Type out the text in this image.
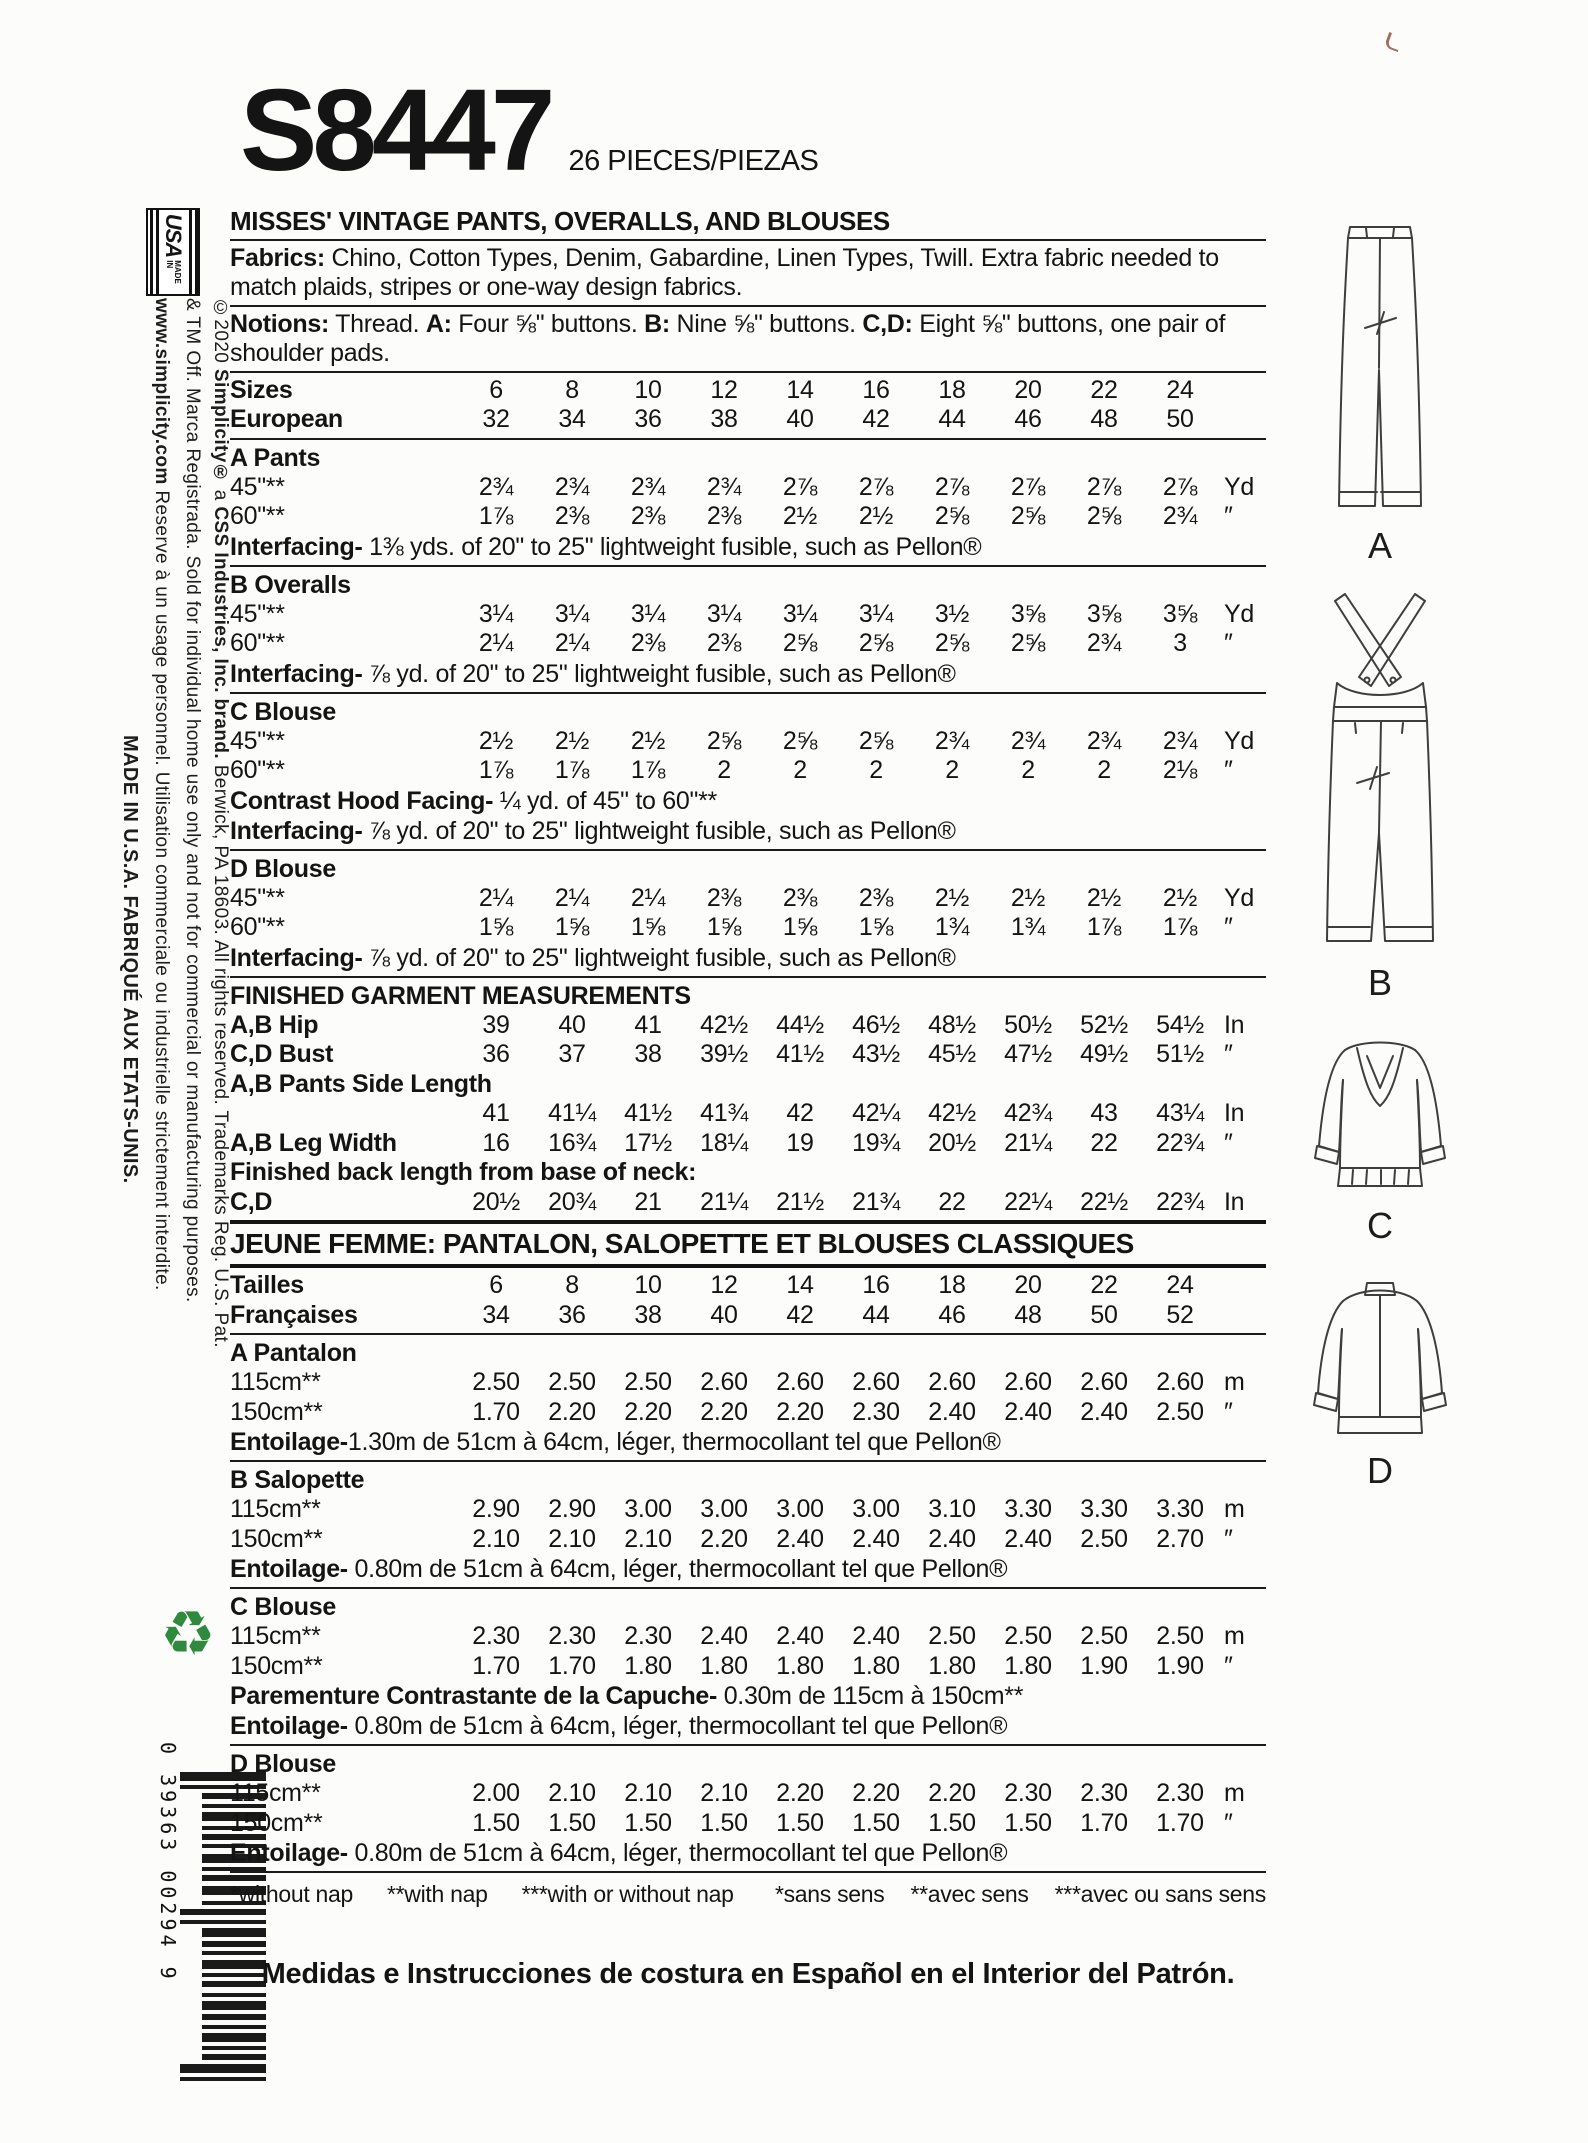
USA
MADE IN
MADE IN U.S.A. FABRIQUÉ AUX ETATS-UNIS.
www.simplicity.com Reserve à un usage personnel. Utilisation commerciale ou industrielle strictement interdite. & TM Off. Marca Registrada. Sold for individual home use only and not for commercial or manufacturing purposes. ©2020 Simplicity® a CSS Industries, Inc. brand. Berwick, PA 18603. All rights reserved. Trademarks Reg. U.S. Pat.
♻
0 39363 00294 9
S8447 26 PIECES/PIEZAS
MISSES' VINTAGE PANTS, OVERALLS, AND BLOUSES
Fabrics: Chino, Cotton Types, Denim, Gabardine, Linen Types, Twill. Extra fabric needed to match plaids, stripes or one-way design fabrics.
Notions: Thread. A: Four ⅝" buttons. B: Nine ⅝" buttons. C,D: Eight ⅝" buttons, one pair of shoulder pads.
Sizes	6	8	10	12	14	16	18	20	22	24
European	32	34	36	38	40	42	44	46	48	50
A Pants
45"**	2¾	2¾	2¾	2¾	2⅞	2⅞	2⅞	2⅞	2⅞	2⅞	Yd
60"**	1⅞	2⅜	2⅜	2⅜	2½	2½	2⅝	2⅝	2⅝	2¾	″
Interfacing- 1⅜ yds. of 20" to 25" lightweight fusible, such as Pellon®
B Overalls
45"**	3¼	3¼	3¼	3¼	3¼	3¼	3½	3⅝	3⅝	3⅝	Yd
60"**	2¼	2¼	2⅜	2⅜	2⅝	2⅝	2⅝	2⅝	2¾	3	″
Interfacing- ⅞ yd. of 20" to 25" lightweight fusible, such as Pellon®
C Blouse
45"**	2½	2½	2½	2⅝	2⅝	2⅝	2¾	2¾	2¾	2¾	Yd
60"**	1⅞	1⅞	1⅞	2	2	2	2	2	2	2⅛	″
Contrast Hood Facing- ¼ yd. of 45" to 60"**
Interfacing- ⅞ yd. of 20" to 25" lightweight fusible, such as Pellon®
D Blouse
45"**	2¼	2¼	2¼	2⅜	2⅜	2⅜	2½	2½	2½	2½	Yd
60"**	1⅝	1⅝	1⅝	1⅝	1⅝	1⅝	1¾	1¾	1⅞	1⅞	″
Interfacing- ⅞ yd. of 20" to 25" lightweight fusible, such as Pellon®
FINISHED GARMENT MEASUREMENTS
A,B Hip	39	40	41	42½	44½	46½	48½	50½	52½	54½ In
C,D Bust	36	37	38	39½	41½	43½	45½	47½	49½	51½ ″
A,B Pants Side Length
41	41¼	41½	41¾	42	42¼	42½	42¾	43	43¼ In
A,B Leg Width	16	16¾	17½	18¼	19	19¾	20½	21¼	22	22¾ ″
Finished back length from base of neck:
C,D	20½	20¾	21	21¼	21½	21¾	22	22¼	22½	22¾ In
JEUNE FEMME: PANTALON, SALOPETTE ET BLOUSES CLASSIQUES
Tailles	6	8	10	12	14	16	18	20	22	24
Françaises	34	36	38	40	42	44	46	48	50	52
A Pantalon
115cm**	2.50	2.50	2.50	2.60	2.60	2.60	2.60	2.60	2.60	2.60 m
150cm**	1.70	2.20	2.20	2.20	2.20	2.30	2.40	2.40	2.40	2.50 ″
Entoilage-1.30m de 51cm à 64cm, léger, thermocollant tel que Pellon®
B Salopette
115cm**	2.90	2.90	3.00	3.00	3.00	3.00	3.10	3.30	3.30	3.30 m
150cm**	2.10	2.10	2.10	2.20	2.40	2.40	2.40	2.40	2.50	2.70 ″
Entoilage- 0.80m de 51cm à 64cm, léger, thermocollant tel que Pellon®
C Blouse
115cm**	2.30	2.30	2.30	2.40	2.40	2.40	2.50	2.50	2.50	2.50 m
150cm**	1.70	1.70	1.80	1.80	1.80	1.80	1.80	1.80	1.90	1.90 ″
Parementure Contrastante de la Capuche- 0.30m de 115cm à 150cm**
Entoilage- 0.80m de 51cm à 64cm, léger, thermocollant tel que Pellon®
D Blouse
115cm**	2.00	2.10	2.10	2.10	2.20	2.20	2.20	2.30	2.30	2.30 m
150cm**	1.50	1.50	1.50	1.50	1.50	1.50	1.50	1.50	1.70	1.70 ″
Entoilage- 0.80m de 51cm à 64cm, léger, thermocollant tel que Pellon®
*without nap **with nap ***with or without nap *sans sens **avec sens ***avec ou sans sens
Medidas e Instrucciones de costura en Español en el Interior del Patrón.
A
B
C
D
